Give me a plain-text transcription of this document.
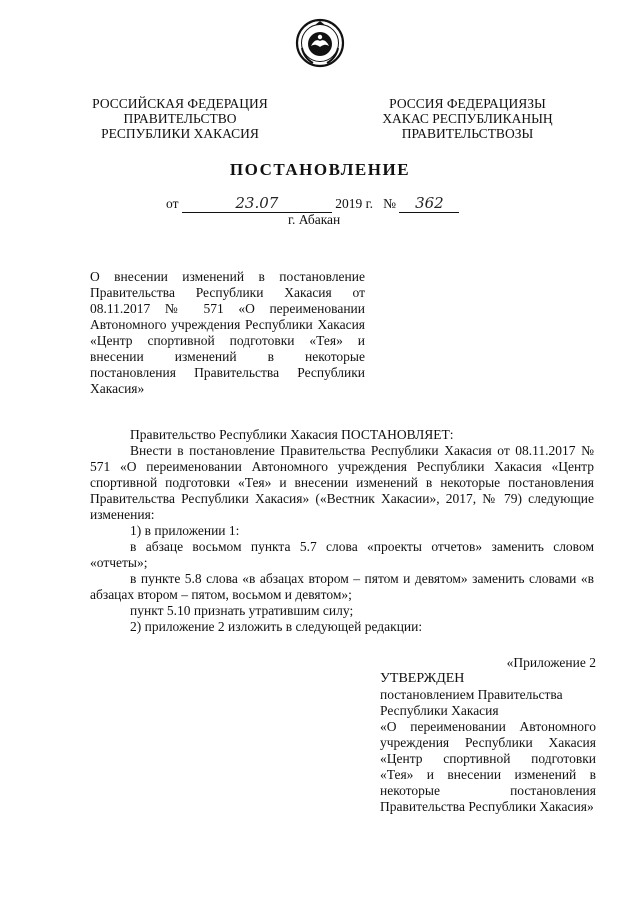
РОССИЙСКАЯ ФЕДЕРАЦИЯ
ПРАВИТЕЛЬСТВО
РЕСПУБЛИКИ ХАКАСИЯ
РОССИЯ ФЕДЕРАЦИЯЗЫ
ХАКАС РЕСПУБЛИКАНЫҢ
ПРАВИТЕЛЬСТВОЗЫ
ПОСТАНОВЛЕНИЕ
от	23.07	2019 г. № 362
г. Абакан
О внесении изменений в постановление Правительства Республики Хакасия от 08.11.2017 № 571 «О переименовании Автономного учреждения Республики Хакасия «Центр спортивной подготовки «Тея» и внесении изменений в некоторые постановления Правительства Республики Хакасия»

Правительство Республики Хакасия ПОСТАНОВЛЯЕТ:

Внести в постановление Правительства Республики Хакасия от 08.11.2017 № 571 «О переименовании Автономного учреждения Республики Хакасия «Центр спортивной подготовки «Тея» и внесении изменений в некоторые постановления Правительства Республики Хакасия» («Вестник Хакасии», 2017, № 79) следующие изменения:

1) в приложении 1:

в абзаце восьмом пункта 5.7 слова «проекты отчетов» заменить словом «отчеты»;

в пункте 5.8 слова «в абзацах втором – пятом и девятом» заменить словами «в абзацах втором – пятом, восьмом и девятом»;

пункт 5.10 признать утратившим силу;

2) приложение 2 изложить в следующей редакции:

«Приложение 2
УТВЕРЖДЕН
постановлением Правительства
Республики Хакасия
«О переименовании Автономного учреждения Республики Хакасия «Центр спортивной подготовки «Тея» и внесении изменений в некоторые постановления Правительства Республики Хакасия»
